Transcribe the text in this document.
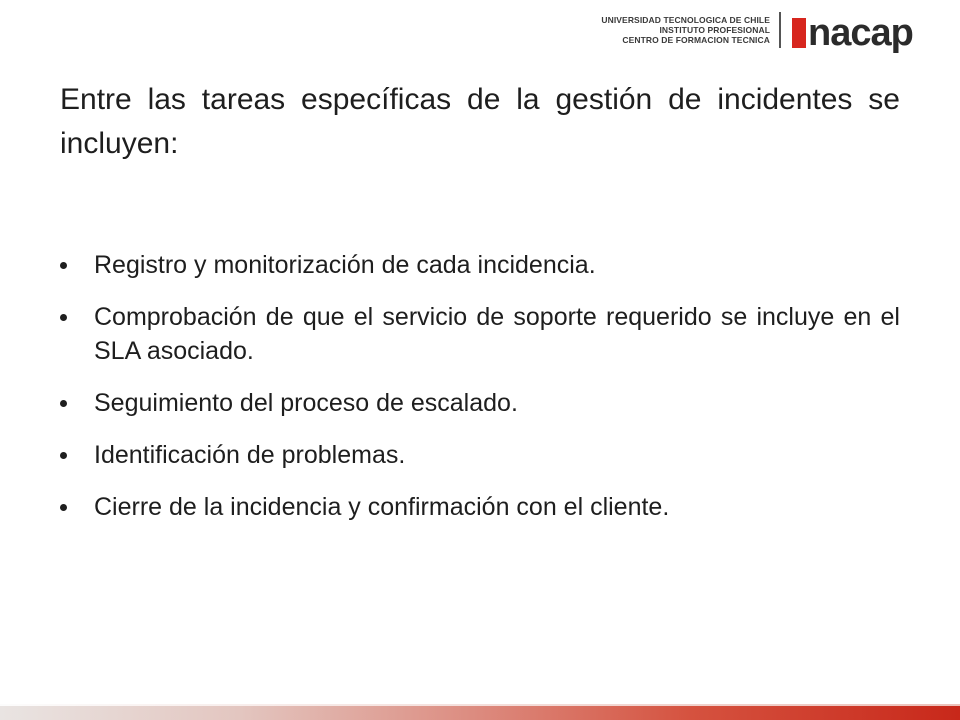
UNIVERSIDAD TECNOLOGICA DE CHILE
INSTITUTO PROFESIONAL
CENTRO DE FORMACION TECNICA nacap
Entre las tareas específicas de la gestión de incidentes se incluyen:
Registro y monitorización de cada incidencia.
Comprobación de que el servicio de soporte requerido se incluye en el SLA asociado.
Seguimiento del proceso de escalado.
Identificación de problemas.
Cierre de la incidencia y confirmación con el cliente.
